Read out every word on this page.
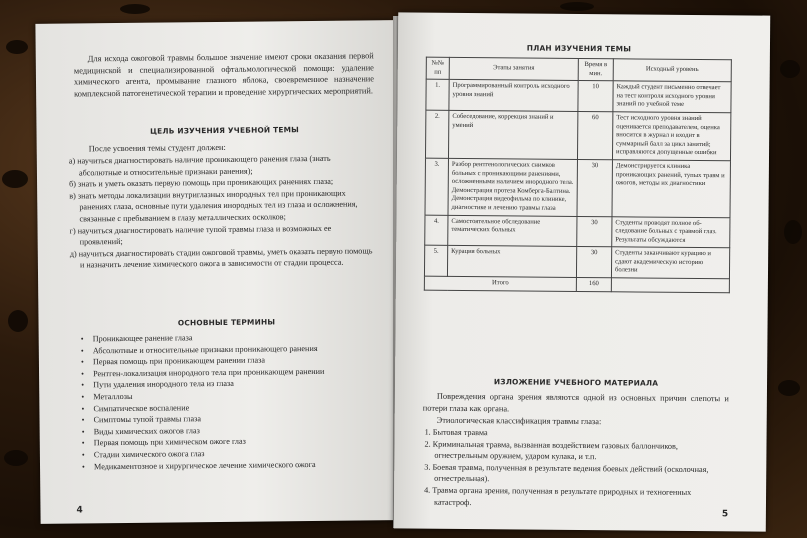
Для исхода ожоговой травмы большое значение имеют сроки оказания первой медицинской и специализированной офтальмологической помощи: удаление химического агента, промывание глазного яблока, своевременное назначение комплексной патогенетической терапии и проведение хирургических мероприятий.
ЦЕЛЬ ИЗУЧЕНИЯ УЧЕБНОЙ ТЕМЫ
После усвоения темы студент должен:
а) научиться диагностировать наличие проникающего ранения глаза (знать абсолютные и относительные признаки ранения);
б) знать и уметь оказать первую помощь при проникающих ранениях глаза;
в) знать методы локализации внутриглазных инородных тел при проникающих ранениях глаза, основные пути удаления инородных тел из глаза и осложнения, связанные с пребыванием в глазу металлических осколков;
г) научиться диагностировать наличие тупой травмы глаза и возможных ее проявлений;
д) научиться диагностировать стадии ожоговой травмы, уметь оказать первую помощь и назначить лечение химического ожога в зависимости от стадии процесса.
ОСНОВНЫЕ ТЕРМИНЫ
• Проникающее ранение глаза
• Абсолютные и относительные признаки проникающего ранения
• Первая помощь при проникающем ранении глаза
• Рентген-локализация инородного тела при проникающем ранении
• Пути удаления инородного тела из глаза
• Металлозы
• Симпатическое воспаление
• Симптомы тупой травмы глаза
• Виды химических ожогов глаз
• Первая помощь при химическом ожоге глаз
• Стадии химического ожога глаз
• Медикаментозное и хирургическое лечение химического ожога
4
ПЛАН ИЗУЧЕНИЯ ТЕМЫ
№№ пп	Этапы занятия	Время в мин.	Исходный уровень
1.	Программированный контроль исходного уровня знаний	10	Каждый студент письменно отвечает на тест контроля исходного уровня знаний по учебной теме
2.	Собеседование, коррекция знаний и умений	60	Тест исходного уровня знаний оценивается преподавателем, оценка вносится в журнал и входит в суммарный балл за цикл занятий; исправляются допущенные ошибки
3.	Разбор рентгенологических снимков больных с проникающими ранениями, осложненными наличием инородного тела. Демонстрация протеза Комберга-Балтина. Демонстрация видеофильма по клинике, диагностике и лечению травмы глаза	30	Демонстрируется клиника проникающих ранений, тупых травм и ожогов, методы их диагностики
4.	Самостоятельное обследование тематических больных	30	Студенты проводят полное обследование больных с травмой глаз. Результаты обсуждаются
5.	Курация больных	30	Студенты заканчивают курацию и сдают академическую историю болезни
Итого		160	
ИЗЛОЖЕНИЕ УЧЕБНОГО МАТЕРИАЛА
Повреждения органа зрения являются одной из основных причин слепоты и потери глаза как органа.
Этиологическая классификация травмы глаза:
1. Бытовая травма
2. Криминальная травма, вызванная воздействием газовых баллончиков, огнестрельным оружием, ударом кулака, и т.п.
3. Боевая травма, полученная в результате ведения боевых действий (осколочная, огнестрельная).
4. Травма органа зрения, полученная в результате природных и техногенных катастроф.
5
